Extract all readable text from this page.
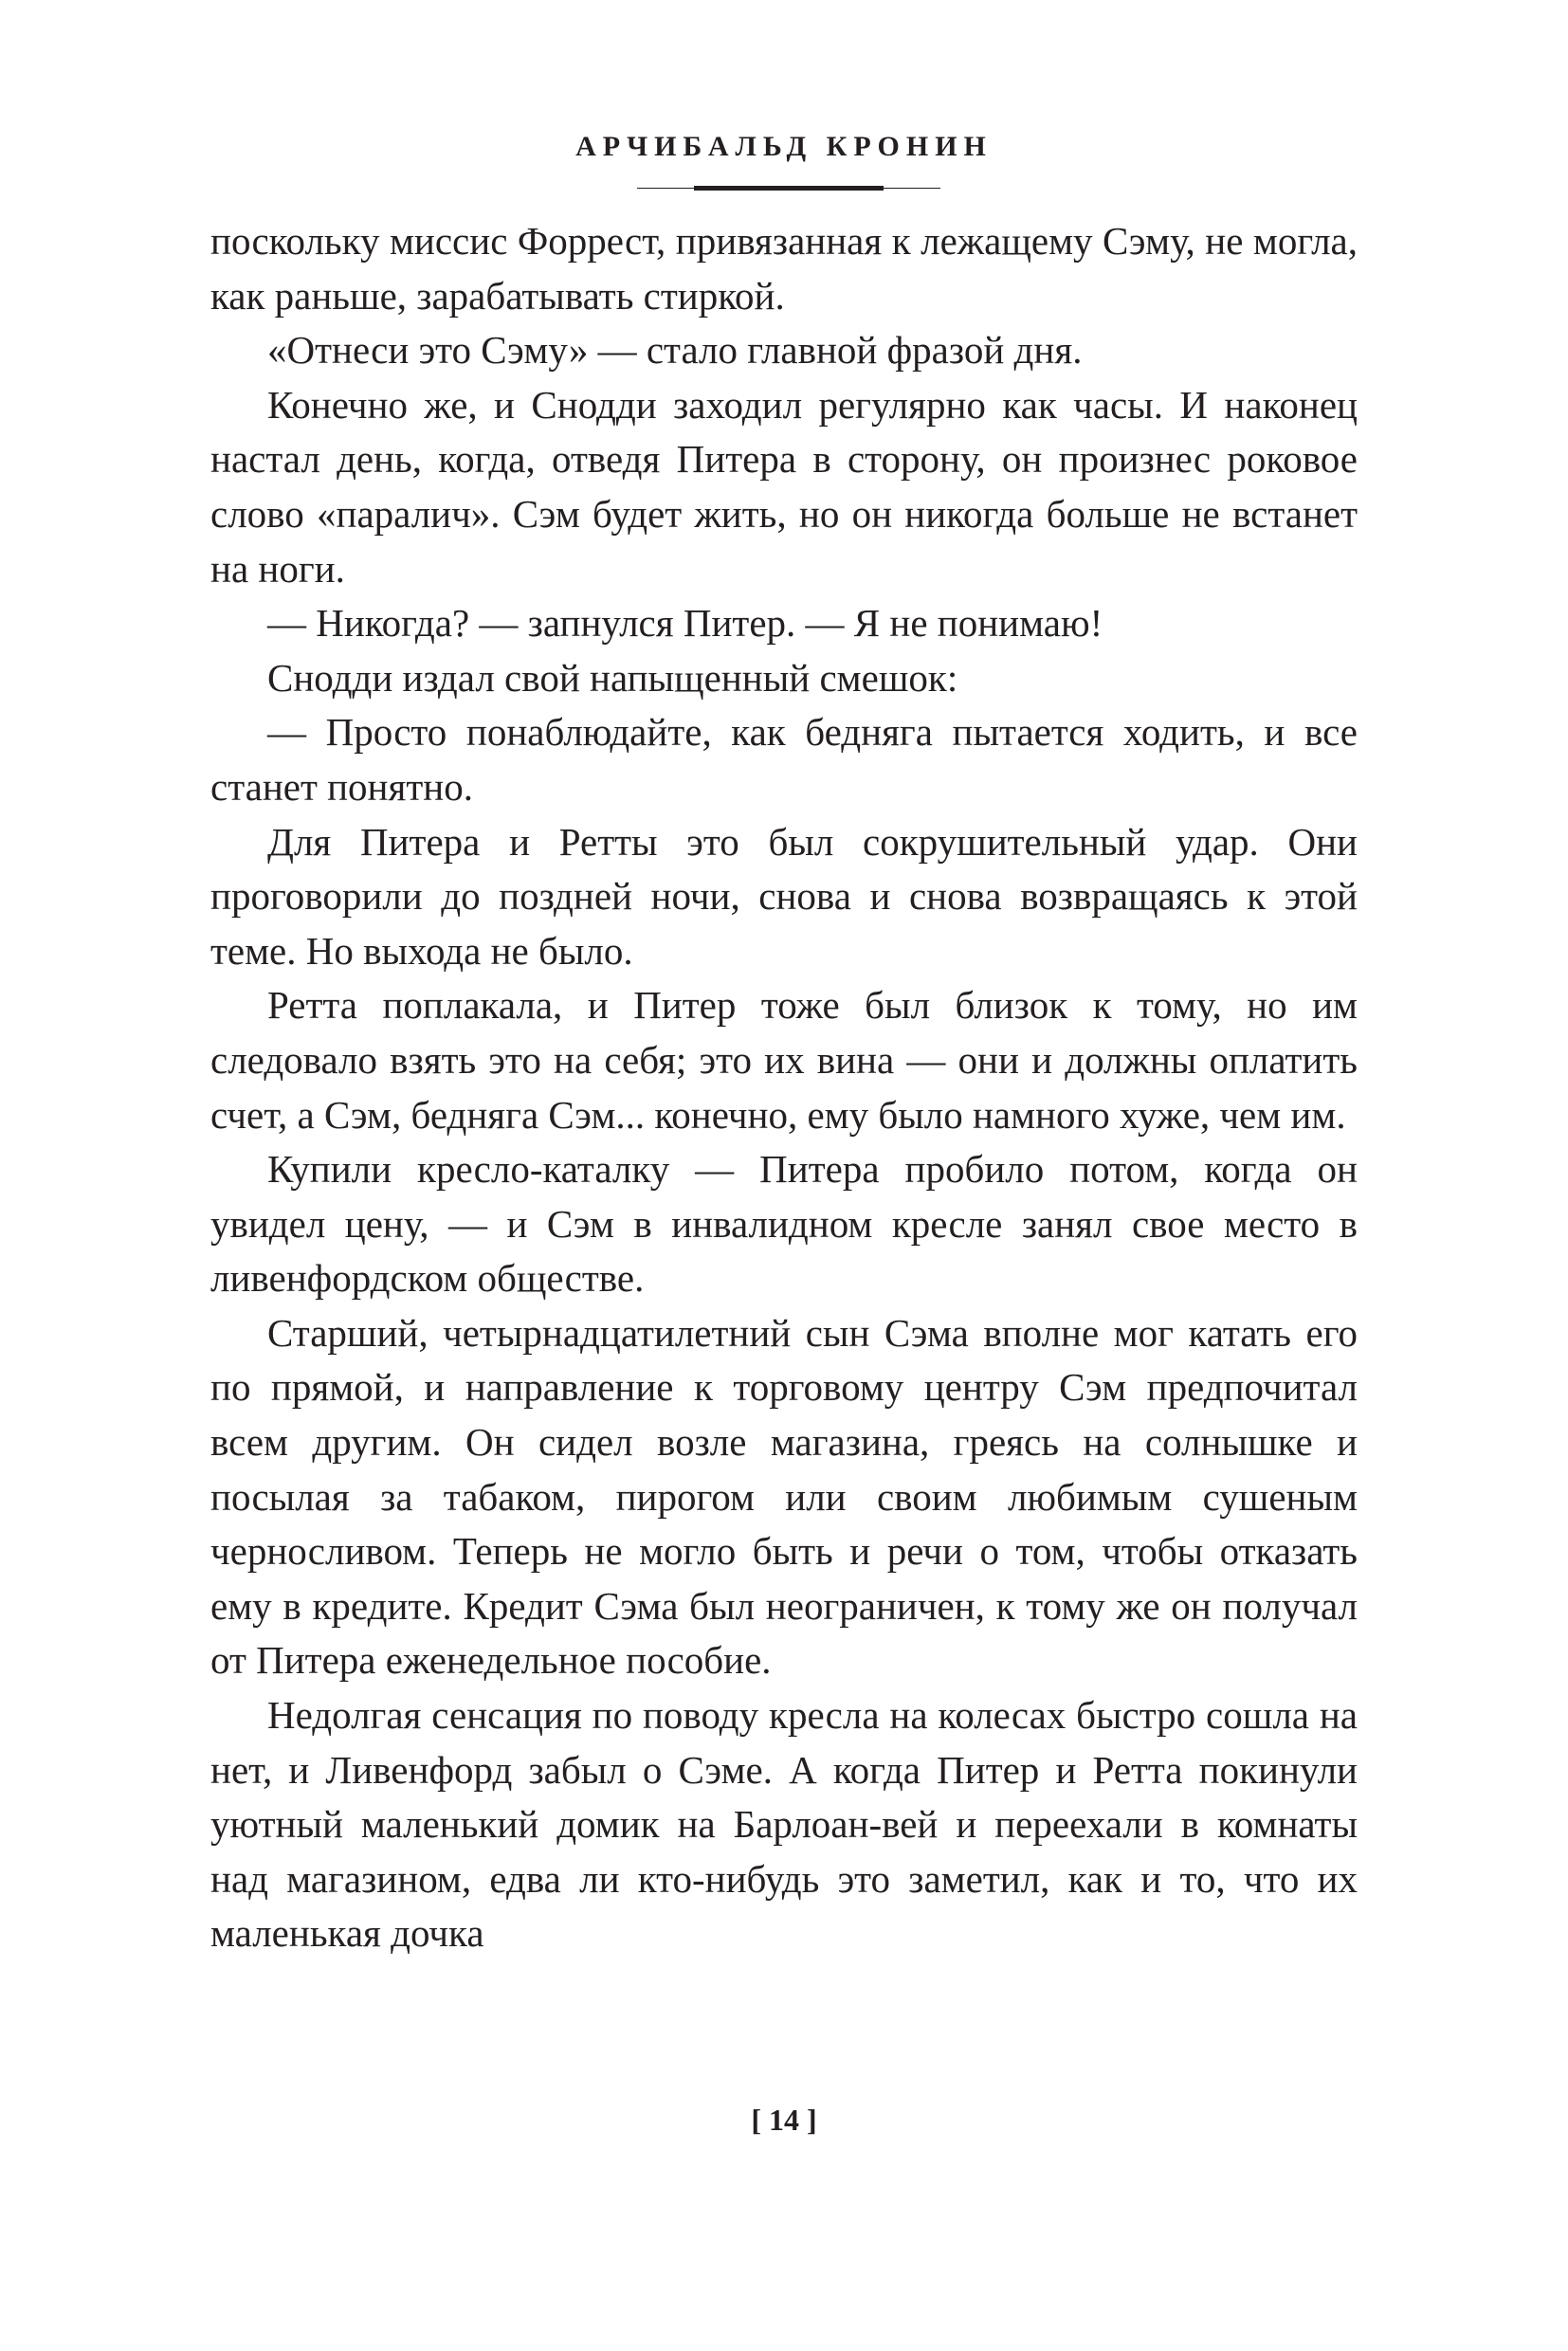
АРЧИБАЛЬД КРОНИН

поскольку миссис Форрест, привязанная к лежащему Сэму, не могла, как раньше, зарабатывать стиркой.

«Отнеси это Сэму» — стало главной фразой дня.

Конечно же, и Снодди заходил регулярно как часы. И наконец настал день, когда, отведя Питера в сторону, он произнес роковое слово «паралич». Сэм будет жить, но он никогда больше не встанет на ноги.

— Никогда? — запнулся Питер. — Я не понимаю!

Снодди издал свой напыщенный смешок:

— Просто понаблюдайте, как бедняга пытается ходить, и все станет понятно.

Для Питера и Ретты это был сокрушительный удар. Они проговорили до поздней ночи, снова и снова возвращаясь к этой теме. Но выхода не было.

Ретта поплакала, и Питер тоже был близок к тому, но им следовало взять это на себя; это их вина — они и должны оплатить счет, а Сэм, бедняга Сэм... конечно, ему было намного хуже, чем им.

Купили кресло-каталку — Питера пробило потом, когда он увидел цену, — и Сэм в инвалидном кресле занял свое место в ливенфордском обществе.

Старший, четырнадцатилетний сын Сэма вполне мог катать его по прямой, и направление к торговому центру Сэм предпочитал всем другим. Он сидел возле магазина, греясь на солнышке и посылая за табаком, пирогом или своим любимым сушеным черносливом. Теперь не могло быть и речи о том, чтобы отказать ему в кредите. Кредит Сэма был неограничен, к тому же он получал от Питера еженедельное пособие.

Недолгая сенсация по поводу кресла на колесах быстро сошла на нет, и Ливенфорд забыл о Сэме. А когда Питер и Ретта покинули уютный маленький домик на Барлоан-вей и переехали в комнаты над магазином, едва ли кто-нибудь это заметил, как и то, что их маленькая дочка

[ 14 ]
